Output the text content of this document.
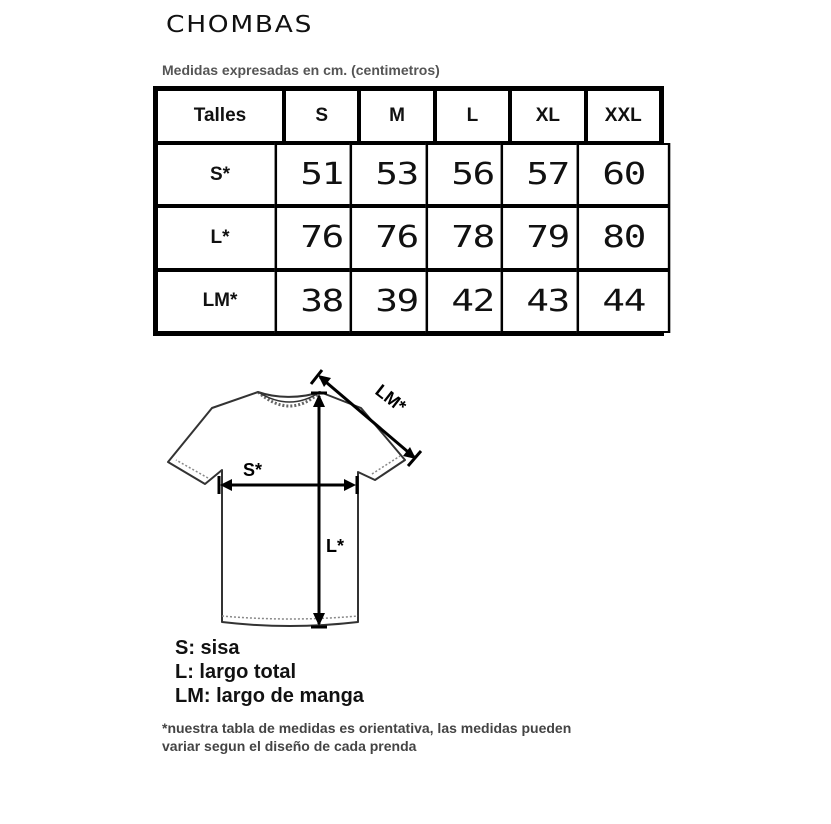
CHOMBAS
Medidas expresadas en cm. (centimetros)
Talles	S	M	L	XL	XXL
S*	51	53	56	57	60
L*	76	76	78	79	80
LM*	38	39	42	43	44
LM*
S*
L*
S: sisa
L: largo total
LM: largo de manga
*nuestra tabla de medidas es orientativa, las medidas pueden
variar segun el diseño de cada prenda
